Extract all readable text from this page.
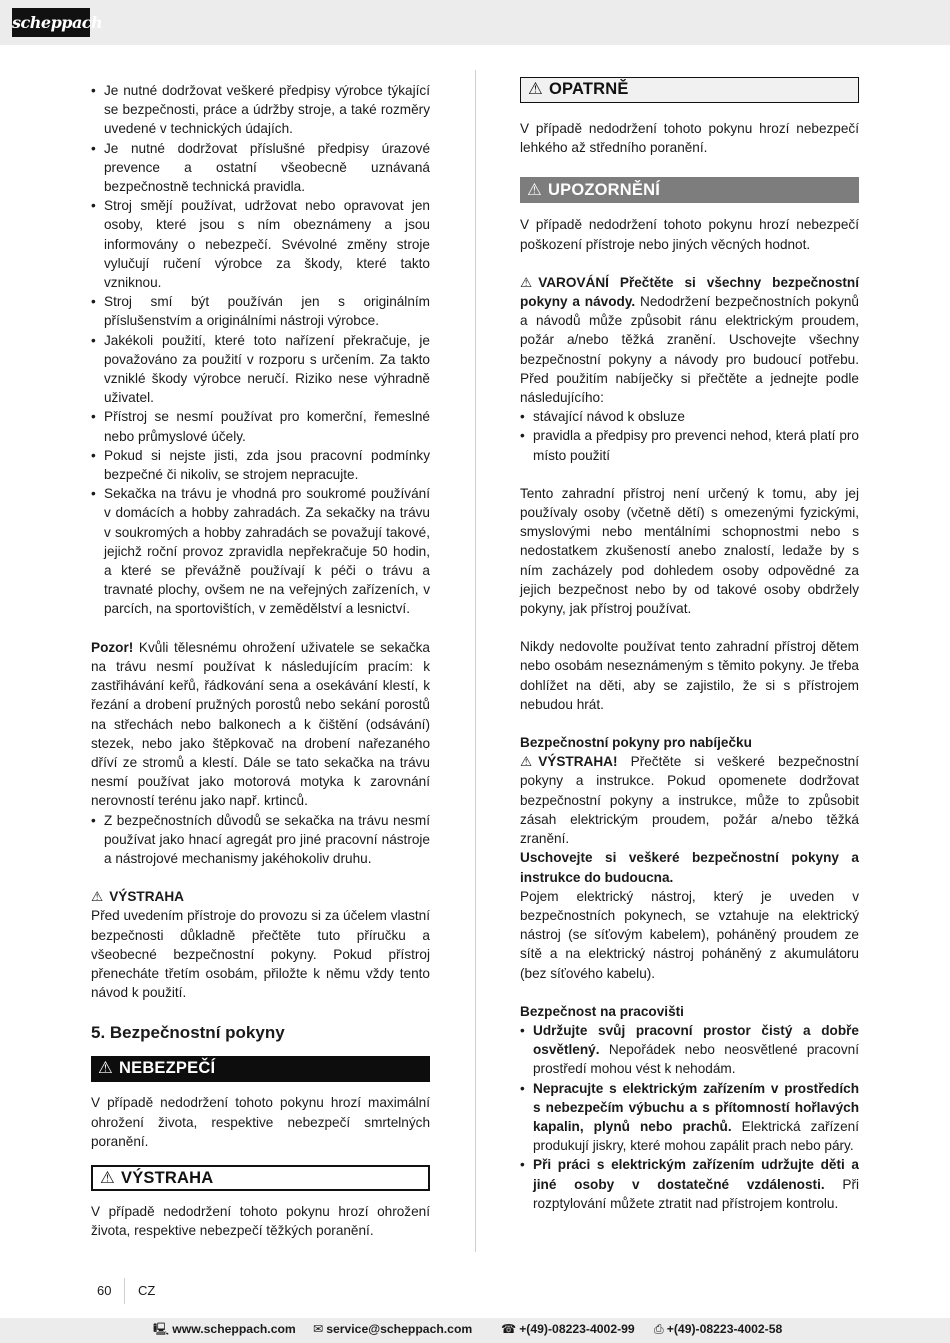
scheppach
• Je nutné dodržovat veškeré předpisy výrobce týkající se bezpečnosti, práce a údržby stroje, a také rozměry uvedené v technických údajích.
• Je nutné dodržovat příslušné předpisy úrazové prevence a ostatní všeobecně uznávaná bezpečnostně technická pravidla.
• Stroj smějí používat, udržovat nebo opravovat jen osoby, které jsou s ním obeznámeny a jsou informovány o nebezpečí. Svévolné změny stroje vylučují ručení výrobce za škody, které takto vzniknou.
• Stroj smí být používán jen s originálním příslušenstvím a originálními nástroji výrobce.
• Jakékoli použití, které toto nařízení překračuje, je považováno za použití v rozporu s určením. Za takto vzniklé škody výrobce neručí. Riziko nese výhradně uživatel.
• Přístroj se nesmí používat pro komerční, řemeslné nebo průmyslové účely.
• Pokud si nejste jisti, zda jsou pracovní podmínky bezpečné či nikoliv, se strojem nepracujte.
• Sekačka na trávu je vhodná pro soukromé používání v domácích a hobby zahradách. Za sekačky na trávu v soukromých a hobby zahradách se považují takové, jejichž roční provoz zpravidla nepřekračuje 50 hodin, a které se převážně používají k péči o trávu a travnaté plochy, ovšem ne na veřejných zařízeních, v parcích, na sportovištích, v zemědělství a lesnictví.

Pozor! Kvůli tělesnému ohrožení uživatele se sekačka na trávu nesmí používat k následujícím pracím: k zastřihávání keřů, řádkování sena a osekávání klestí, k řezání a drobení pružných porostů nebo sekání porostů na střechách nebo balkonech a k čištění (odsávání) stezek, nebo jako štěpkovač na drobení nařezaného dříví ze stromů a klestí. Dále se tato sekačka na trávu nesmí používat jako motorová motyka k zarovnání nerovností terénu jako např. krtinců.

• Z bezpečnostních důvodů se sekačka na trávu nesmí používat jako hnací agregát pro jiné pracovní nástroje a nástrojové mechanismy jakéhokoliv druhu.

⚠ VÝSTRAHA

Před uvedením přístroje do provozu si za účelem vlastní bezpečnosti důkladně přečtěte tuto příručku a všeobecné bezpečnostní pokyny. Pokud přístroj přenecháte třetím osobám, přiložte k němu vždy tento návod k použití.

5. Bezpečnostní pokyny
⚠ NEBEZPEČÍ

V případě nedodržení tohoto pokynu hrozí maximální ohrožení života, respektive nebezpečí smrtelných poranění.

⚠ VÝSTRAHA

V případě nedodržení tohoto pokynu hrozí ohrožení života, respektive nebezpečí těžkých poranění.

⚠ OPATRNĚ

V případě nedodržení tohoto pokynu hrozí nebezpečí lehkého až středního poranění.

⚠ UPOZORNĚNÍ

V případě nedodržení tohoto pokynu hrozí nebezpečí poškození přístroje nebo jiných věcných hodnot.

⚠ VAROVÁNÍ Přečtěte si všechny bezpečnostní pokyny a návody. Nedodržení bezpečnostních pokynů a návodů může způsobit ránu elektrickým proudem, požár a/nebo těžká zranění. Uschovejte všechny bezpečnostní pokyny a návody pro budoucí potřebu. Před použitím nabíječky si přečtěte a jednejte podle následujícího:

• stávající návod k obsluze
• pravidla a předpisy pro prevenci nehod, která platí pro místo použití

Tento zahradní přístroj není určený k tomu, aby jej používaly osoby (včetně dětí) s omezenými fyzickými, smyslovými nebo mentálními schopnostmi nebo s nedostatkem zkušeností anebo znalostí, ledaže by s ním zacházely pod dohledem osoby odpovědné za jejich bezpečnost nebo by od takové osoby obdržely pokyny, jak přístroj používat.

Nikdy nedovolte používat tento zahradní přístroj dětem nebo osobám neseznámeným s těmito pokyny. Je třeba dohlížet na děti, aby se zajistilo, že si s přístrojem nebudou hrát.

Bezpečnostní pokyny pro nabíječku

⚠ VÝSTRAHA! Přečtěte si veškeré bezpečnostní pokyny a instrukce. Pokud opomenete dodržovat bezpečnostní pokyny a instrukce, může to způsobit zásah elektrickým proudem, požár a/nebo těžká zranění.

Uschovejte si veškeré bezpečnostní pokyny a instrukce do budoucna.

Pojem elektrický nástroj, který je uveden v bezpečnostních pokynech, se vztahuje na elektrický nástroj (se síťovým kabelem), poháněný proudem ze sítě a na elektrický nástroj poháněný z akumulátoru (bez síťového kabelu).

Bezpečnost na pracovišti

• Udržujte svůj pracovní prostor čistý a dobře osvětlený. Nepořádek nebo neosvětlené pracovní prostředí mohou vést k nehodám.
• Nepracujte s elektrickým zařízením v prostředích s nebezpečím výbuchu a s přítomností hořlavých kapalin, plynů nebo prachů. Elektrická zařízení produkují jiskry, které mohou zapálit prach nebo páry.
• Při práci s elektrickým zařízením udržujte děti a jiné osoby v dostatečné vzdálenosti. Při rozptylování můžete ztratit nad přístrojem kontrolu.
60 CZ
🖳 www.scheppach.com ✉ service@scheppach.com ☎ +(49)-08223-4002-99 ⎙ +(49)-08223-4002-58
